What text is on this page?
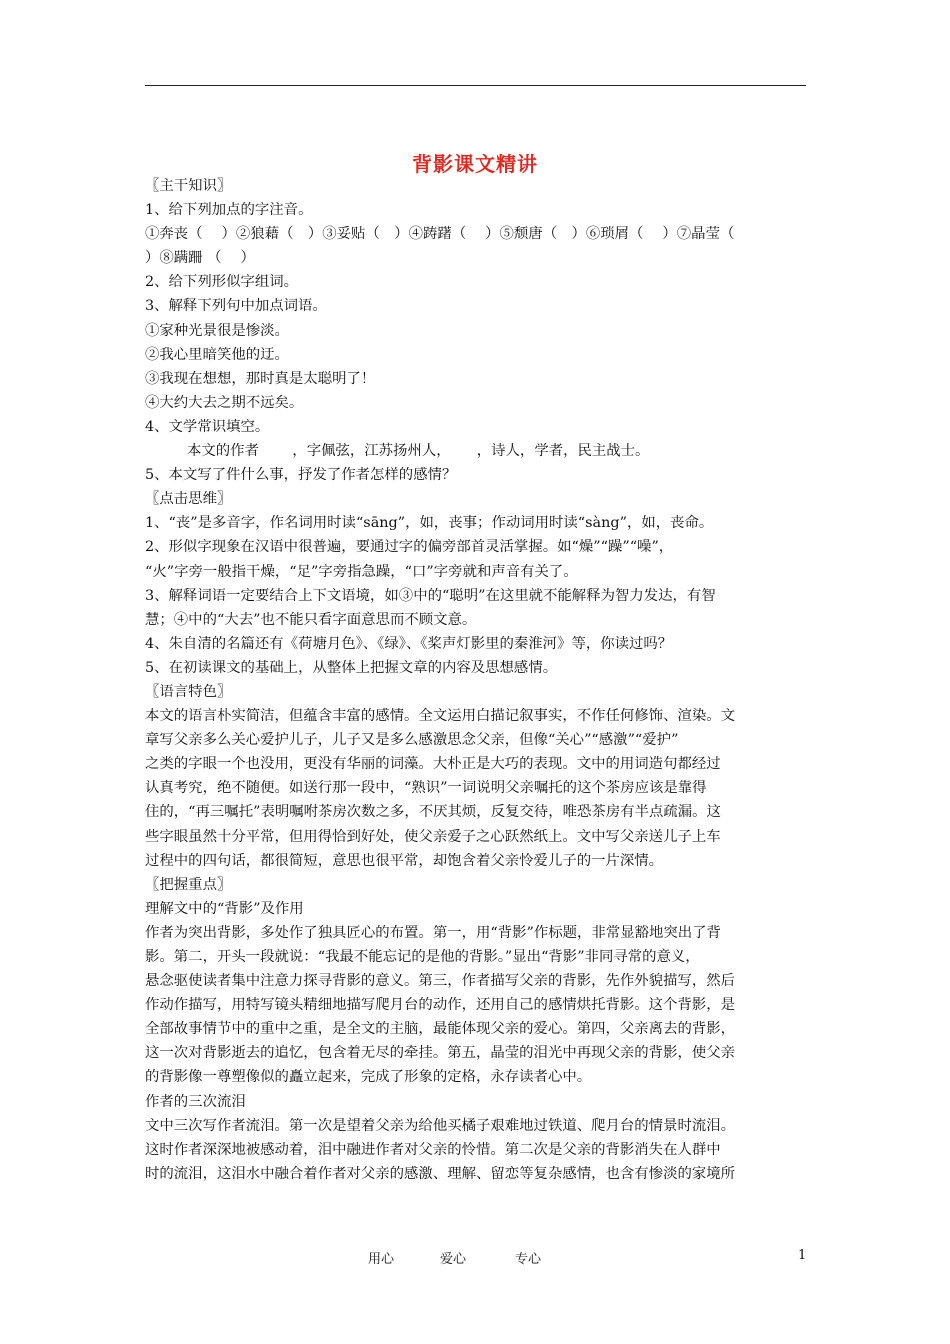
背影课文精讲
〖主干知识〗
1、给下列加点的字注音。
①奔丧（　 ）②狼藉（　）③妥贴（　）④踌躇（　 ）⑤颓唐（　）⑥琐屑（　 ）⑦晶莹（
）⑧蹒跚 （　 ）
2、给下列形似字组词。
3、解释下列句中加点词语。
①家种光景很是惨淡。
②我心里暗笑他的迂。
③我现在想想，那时真是太聪明了！
④大约大去之期不远矣。
4、文学常识填空。
本文的作者　　 ，字佩弦，江苏扬州人，　　 ，诗人，学者，民主战士。
5、本文写了件什么事，抒发了作者怎样的感情？
〖点击思维〗
1、“丧”是多音字，作名词用时读“sāng”，如，丧事；作动词用时读“sàng”，如，丧命。
2、形似字现象在汉语中很普遍，要通过字的偏旁部首灵活掌握。如“燥”“躁”“噪”，
“火”字旁一般指干燥，“足”字旁指急躁，“口”字旁就和声音有关了。
3、解释词语一定要结合上下文语境，如③中的“聪明”在这里就不能解释为智力发达，有智
慧；④中的“大去”也不能只看字面意思而不顾文意。
4、朱自清的名篇还有《荷塘月色》、《绿》、《桨声灯影里的秦淮河》等，你读过吗？
5、在初读课文的基础上，从整体上把握文章的内容及思想感情。
〖语言特色〗
本文的语言朴实简洁，但蕴含丰富的感情。全文运用白描记叙事实，不作任何修饰、渲染。文
章写父亲多么关心爱护儿子，儿子又是多么感激思念父亲，但像“关心”“感激”“爱护”
之类的字眼一个也没用，更没有华丽的词藻。大朴正是大巧的表现。文中的用词造句都经过
认真考究，绝不随便。如送行那一段中，“熟识”一词说明父亲嘱托的这个茶房应该是靠得
住的，“再三嘱托”表明嘱咐茶房次数之多，不厌其烦，反复交待，唯恐茶房有半点疏漏。这
些字眼虽然十分平常，但用得恰到好处，使父亲爱子之心跃然纸上。文中写父亲送儿子上车
过程中的四句话，都很简短，意思也很平常，却饱含着父亲怜爱儿子的一片深情。
〖把握重点〗
理解文中的“背影”及作用
作者为突出背影，多处作了独具匠心的布置。第一，用“背影”作标题，非常显豁地突出了背
影。第二，开头一段就说：“我最不能忘记的是他的背影。”显出“背影”非同寻常的意义，
悬念驱使读者集中注意力探寻背影的意义。第三，作者描写父亲的背影，先作外貌描写，然后
作动作描写，用特写镜头精细地描写爬月台的动作，还用自己的感情烘托背影。这个背影，是
全部故事情节中的重中之重，是全文的主脑，最能体现父亲的爱心。第四，父亲离去的背影，
这一次对背影逝去的追忆，包含着无尽的牵挂。第五，晶莹的泪光中再现父亲的背影，使父亲
的背影像一尊塑像似的矗立起来，完成了形象的定格，永存读者心中。
作者的三次流泪
文中三次写作者流泪。第一次是望着父亲为给他买橘子艰难地过铁道、爬月台的情景时流泪。
这时作者深深地被感动着，泪中融进作者对父亲的怜惜。第二次是父亲的背影消失在人群中
时的流泪，这泪水中融合着作者对父亲的感激、理解、留恋等复杂感情，也含有惨淡的家境所
用心	爱心	专心	1
